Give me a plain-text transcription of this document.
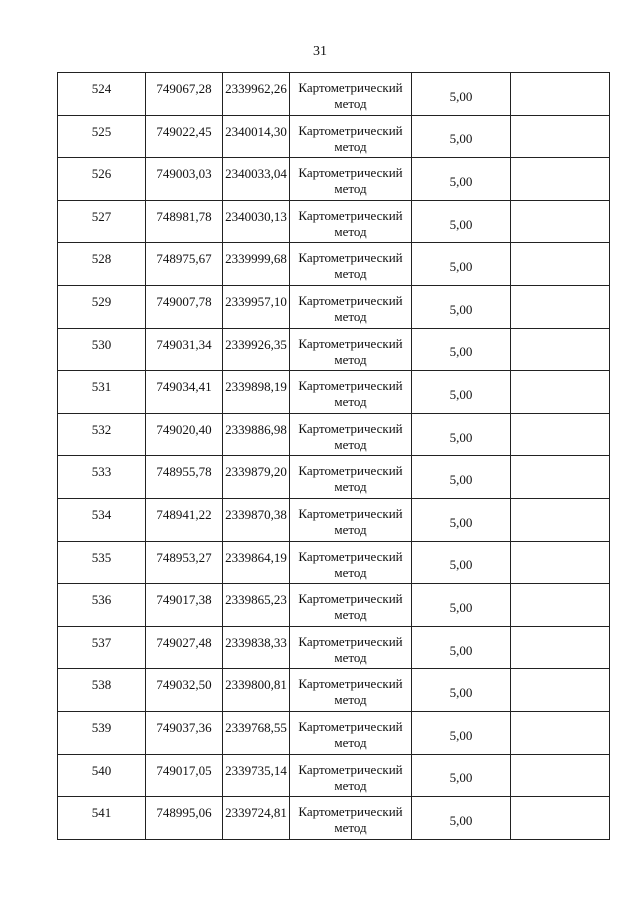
31
524	749067,28	2339962,26	Картометрический
метод	5,00	
525	749022,45	2340014,30	Картометрический
метод	5,00	
526	749003,03	2340033,04	Картометрический
метод	5,00	
527	748981,78	2340030,13	Картометрический
метод	5,00	
528	748975,67	2339999,68	Картометрический
метод	5,00	
529	749007,78	2339957,10	Картометрический
метод	5,00	
530	749031,34	2339926,35	Картометрический
метод	5,00	
531	749034,41	2339898,19	Картометрический
метод	5,00	
532	749020,40	2339886,98	Картометрический
метод	5,00	
533	748955,78	2339879,20	Картометрический
метод	5,00	
534	748941,22	2339870,38	Картометрический
метод	5,00	
535	748953,27	2339864,19	Картометрический
метод	5,00	
536	749017,38	2339865,23	Картометрический
метод	5,00	
537	749027,48	2339838,33	Картометрический
метод	5,00	
538	749032,50	2339800,81	Картометрический
метод	5,00	
539	749037,36	2339768,55	Картометрический
метод	5,00	
540	749017,05	2339735,14	Картометрический
метод	5,00	
541	748995,06	2339724,81	Картометрический
метод	5,00	
